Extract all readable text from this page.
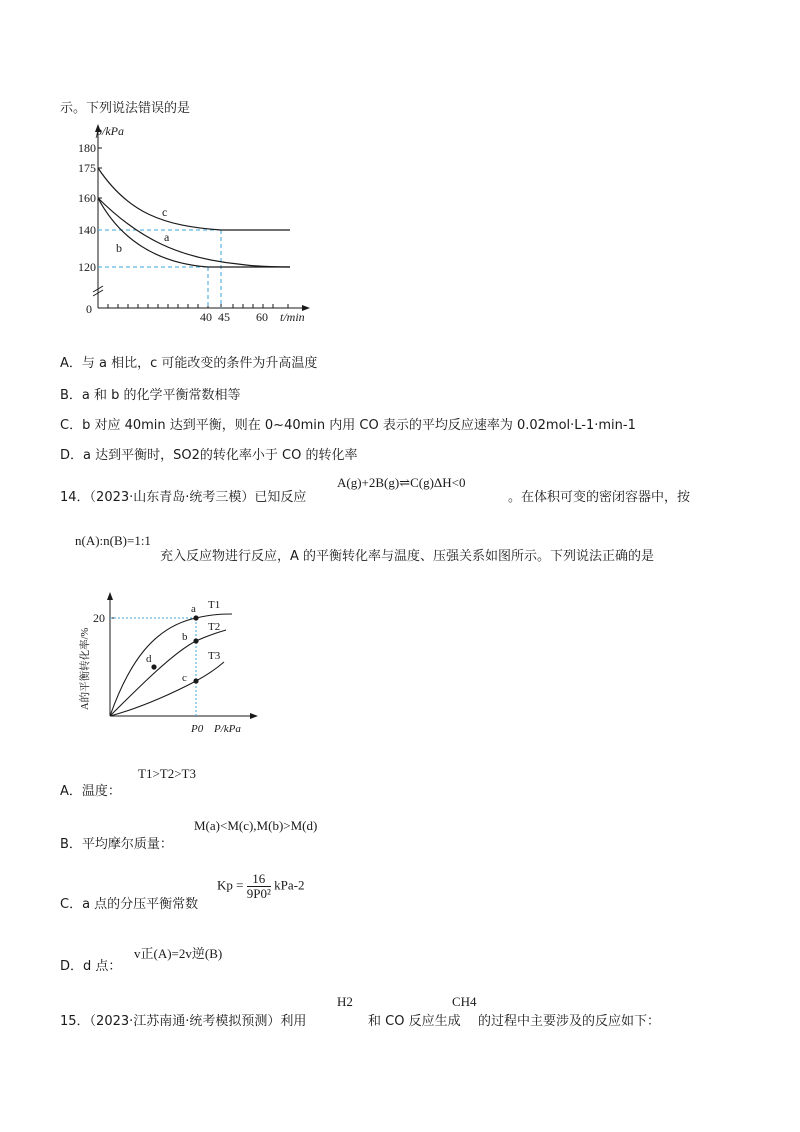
示。下列说法错误的是
p/kPa
180
175
160
140
120
0
40 45 60 t/min
c
a
b
A．与 a 相比，c 可能改变的条件为升高温度
B．a 和 b 的化学平衡常数相等
C．b 对应 40min 达到平衡，则在 0~40min 内用 CO 表示的平均反应速率为 0.02mol·L-1·min-1
D．a 达到平衡时，SO2的转化率小于 CO 的转化率
14．（2023·山东青岛·统考三模）已知反应
A(g)+2B(g)⇌C(g)ΔH<0
。在体积可变的密闭容器中，按
n(A):n(B)=1:1
充入反应物进行反应，A 的平衡转化率与温度、压强关系如图所示。下列说法正确的是
20
P0 P/kPa
T1
T2
T3
a
b
c
d
A的平衡转化率/%
A．温度：
T1>T2>T3
B．平均摩尔质量：
M(a)<M(c),M(b)>M(d)
C．a 点的分压平衡常数
$Kp = \frac{16}{\text{9P0²}} kPa-2$
D．d 点：
v正(A)=2v逆(B)
15．（2023·江苏南通·统考模拟预测）利用
H2
和 CO 反应生成
CH4
的过程中主要涉及的反应如下：
